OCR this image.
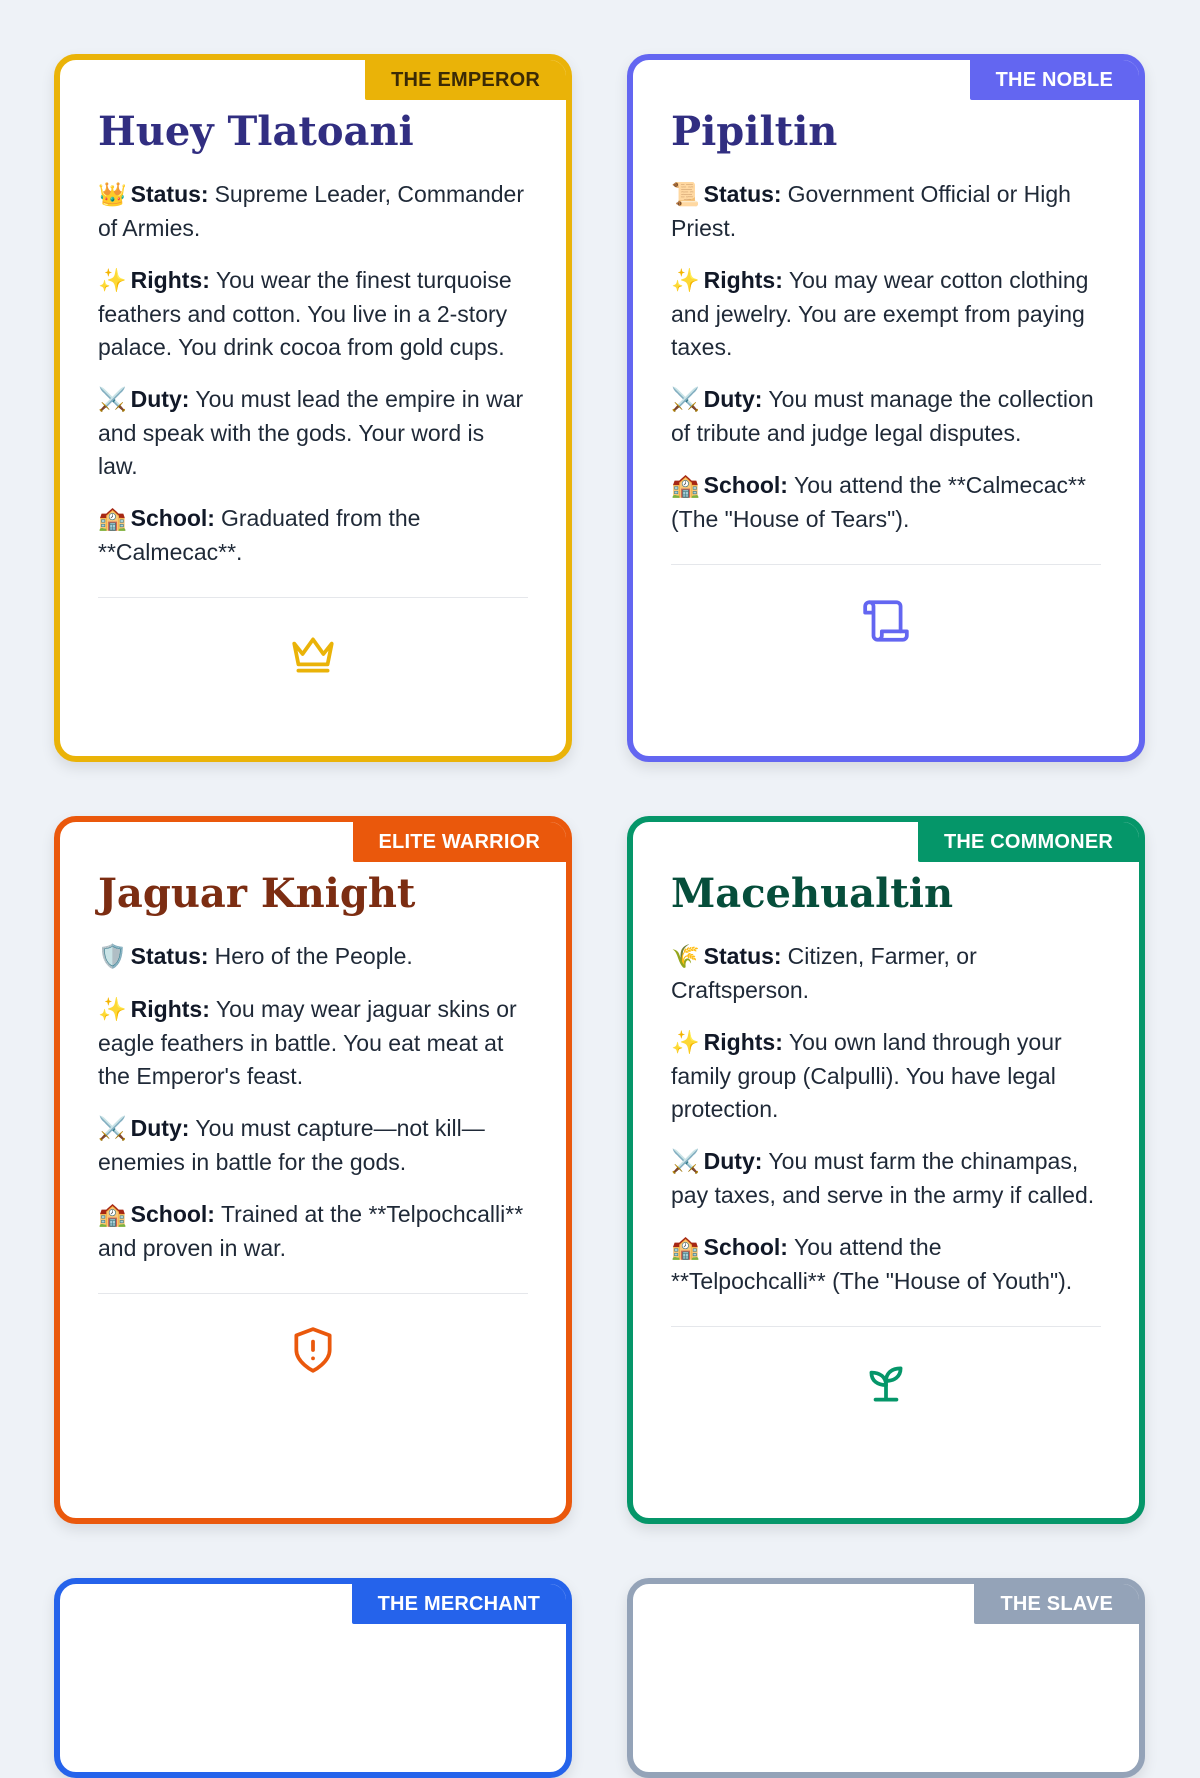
THE EMPEROR
Huey Tlatoani
👑 Status: Supreme Leader, Commander of Armies.
✨ Rights: You wear the finest turquoise feathers and cotton. You live in a 2-story palace. You drink cocoa from gold cups.
⚔️ Duty: You must lead the empire in war and speak with the gods. Your word is law.
🏫 School: Graduated from the **Calmecac**.
THE NOBLE
Pipiltin
📜 Status: Government Official or High Priest.
✨ Rights: You may wear cotton clothing and jewelry. You are exempt from paying taxes.
⚔️ Duty: You must manage the collection of tribute and judge legal disputes.
🏫 School: You attend the **Calmecac** (The "House of Tears").
ELITE WARRIOR
Jaguar Knight
🛡️ Status: Hero of the People.
✨ Rights: You may wear jaguar skins or eagle feathers in battle. You eat meat at the Emperor's feast.
⚔️ Duty: You must capture—not kill—enemies in battle for the gods.
🏫 School: Trained at the **Telpochcalli** and proven in war.
THE COMMONER
Macehualtin
🌾 Status: Citizen, Farmer, or Craftsperson.
✨ Rights: You own land through your family group (Calpulli). You have legal protection.
⚔️ Duty: You must farm the chinampas, pay taxes, and serve in the army if called.
🏫 School: You attend the **Telpochcalli** (The "House of Youth").
THE MERCHANT	THE SLAVE
